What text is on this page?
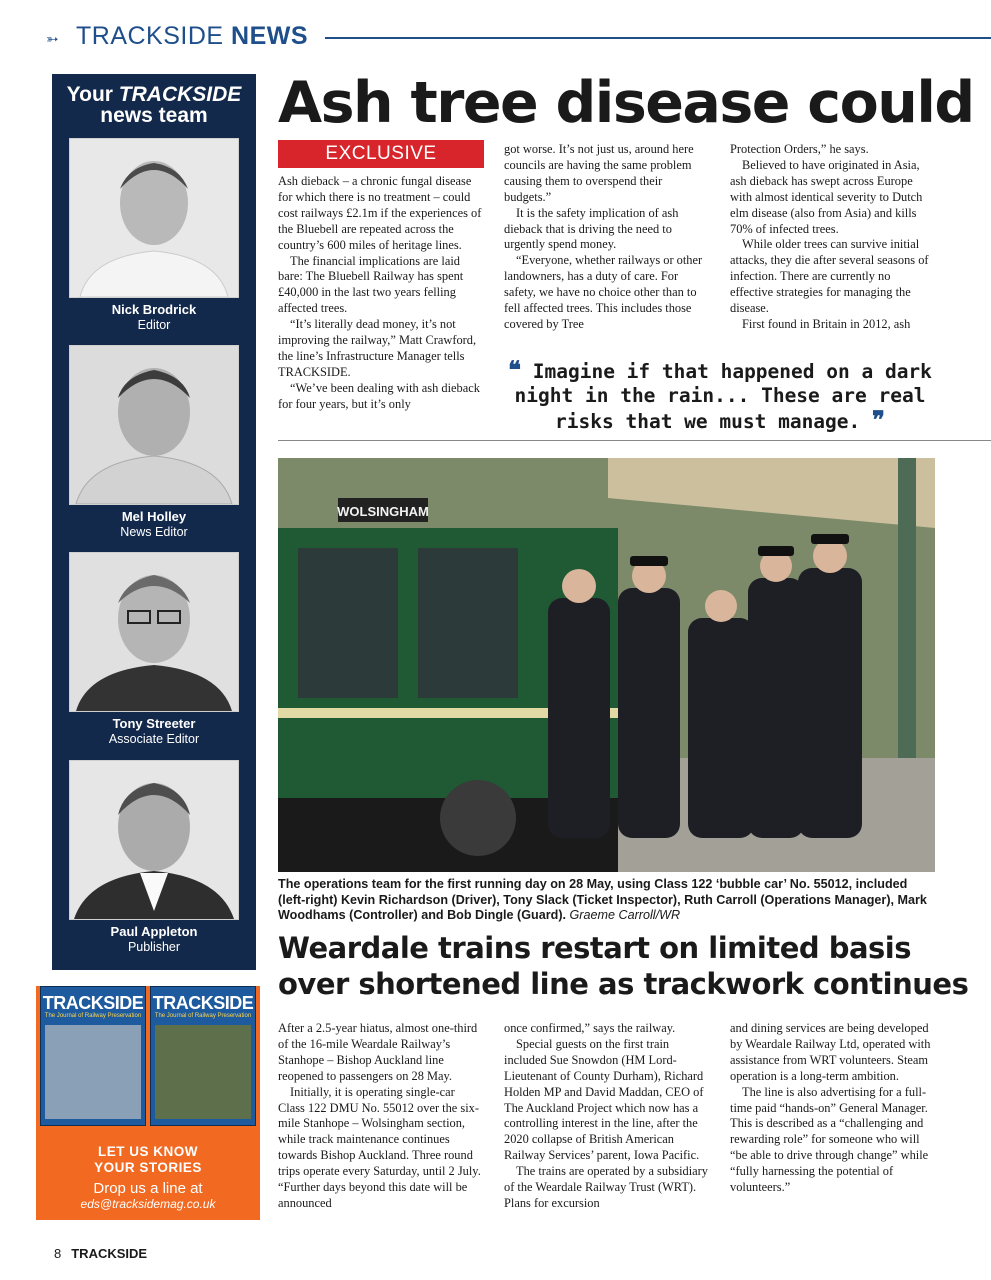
➳ TRACKSIDE NEWS
Your TRACKSIDE
news team
Nick Brodrick
Editor
Mel Holley
News Editor
Tony Streeter
Associate Editor
Paul Appleton
Publisher
TRACKSIDE
The Journal of Railway Preservation
TRACKSIDE
The Journal of Railway Preservation
LET US KNOW
YOUR STORIES
Drop us a line at
eds@tracksidemag.co.uk
Ash tree disease could
EXCLUSIVE

Ash dieback – a chronic fungal disease for which there is no treatment – could cost railways £2.1m if the experiences of the Bluebell are repeated across the country’s 600 miles of heritage lines.

The financial implications are laid bare: The Bluebell Railway has spent £40,000 in the last two years felling affected trees.

“It’s literally dead money, it’s not improving the railway,” Matt Crawford, the line’s Infrastructure Manager tells TRACKSIDE.

“We’ve been dealing with ash dieback for four years, but it’s only

got worse. It’s not just us, around here councils are having the same problem causing them to overspend their budgets.”

It is the safety implication of ash dieback that is driving the need to urgently spend money.

“Everyone, whether railways or other landowners, has a duty of care. For safety, we have no choice other than to fell affected trees. This includes those covered by Tree

Protection Orders,” he says.

Believed to have originated in Asia, ash dieback has swept across Europe with almost identical severity to Dutch elm disease (also from Asia) and kills 70% of infected trees.

While older trees can survive initial attacks, they die after several seasons of infection. There are currently no effective strategies for managing the disease.

First found in Britain in 2012, ash

❝ Imagine if that happened on a dark night in the rain... These are real risks that we must manage. ❞
WOLSINGHAM
The operations team for the first running day on 28 May, using Class 122 ‘bubble car’ No. 55012, included (left-right) Kevin Richardson (Driver), Tony Slack (Ticket Inspector), Ruth Carroll (Operations Manager), Mark Woodhams (Controller) and Bob Dingle (Guard). Graeme Carroll/WR
Weardale trains restart on limited basis over shortened line as trackwork continues

After a 2.5-year hiatus, almost one-third of the 16-mile Weardale Railway’s Stanhope – Bishop Auckland line reopened to passengers on 28 May.

Initially, it is operating single-car Class 122 DMU No. 55012 over the six-mile Stanhope – Wolsingham section, while track maintenance continues towards Bishop Auckland. Three round trips operate every Saturday, until 2 July. “Further days beyond this date will be announced

once confirmed,” says the railway.

Special guests on the first train included Sue Snowdon (HM Lord-Lieutenant of County Durham), Richard Holden MP and David Maddan, CEO of The Auckland Project which now has a controlling interest in the line, after the 2020 collapse of British American Railway Services’ parent, Iowa Pacific.

The trains are operated by a subsidiary of the Weardale Railway Trust (WRT). Plans for excursion

and dining services are being developed by Weardale Railway Ltd, operated with assistance from WRT volunteers. Steam operation is a long-term ambition.

The line is also advertising for a full-time paid “hands-on” General Manager. This is described as a “challenging and rewarding role” for someone who will “be able to drive through change” while “fully harnessing the potential of volunteers.”

8 TRACKSIDE
